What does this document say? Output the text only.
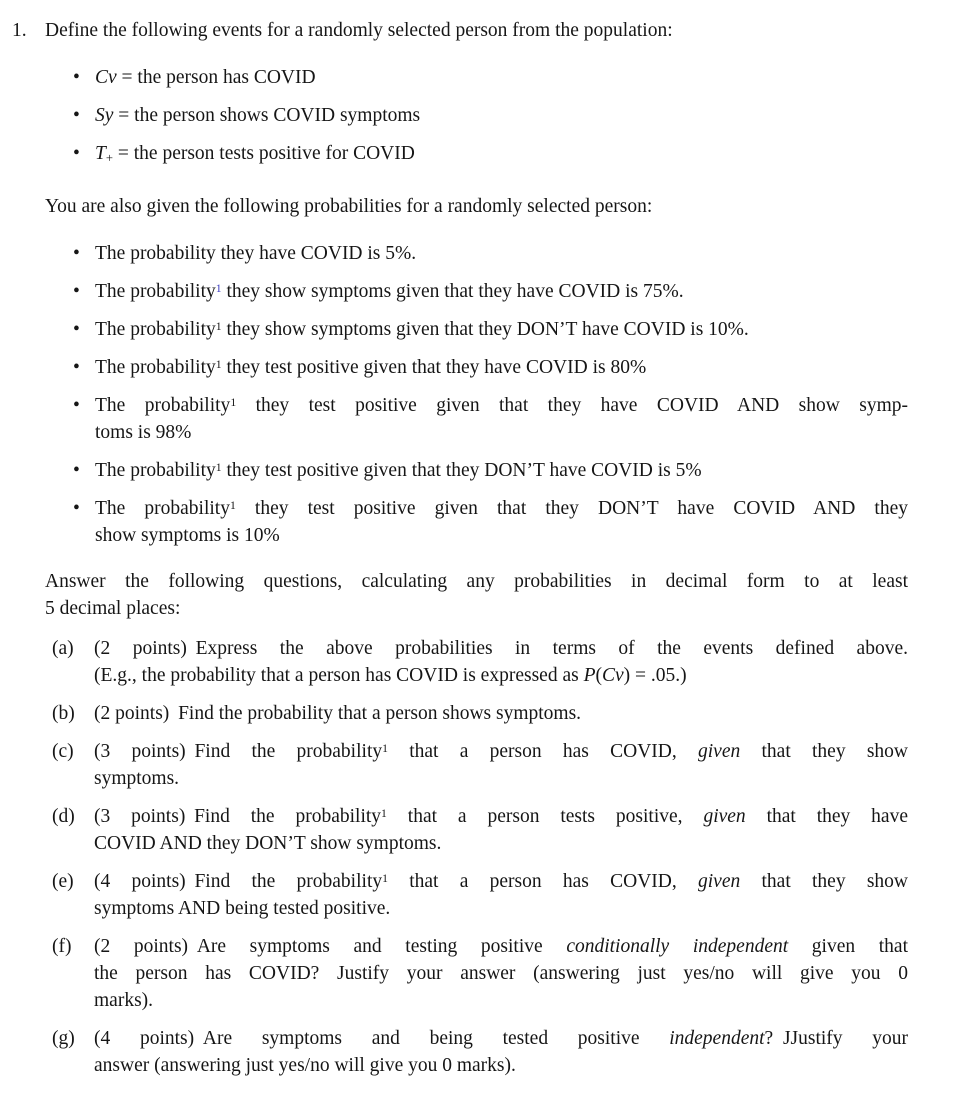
1. Define the following events for a randomly selected person from the population:
• Cv = the person has COVID
• Sy = the person shows COVID symptoms
• T+ = the person tests positive for COVID
You are also given the following probabilities for a randomly selected person:
• The probability they have COVID is 5%.
• The probability$^1$ they show symptoms given that they have COVID is 75%.
• The probability$^1$ they show symptoms given that they DON’T have COVID is 10%.
• The probability$^1$ they test positive given that they have COVID is 80%
• The probability$^1$ they test positive given that they have COVID AND show symp-
toms is 98%
• The probability$^1$ they test positive given that they DON’T have COVID is 5%
• The probability$^1$ they test positive given that they DON’T have COVID AND they
show symptoms is 10%
Answer the following questions, calculating any probabilities in decimal form to at least
5 decimal places:
(a)	(2 points) Express the above probabilities in terms of the events defined above.
(E.g., the probability that a person has COVID is expressed as P(Cv) = .05.)
(b) (2 points) Find the probability that a person shows symptoms.
(c)	(3 points) Find the probability$^1$ that a person has COVID, given that they show
symptoms.
(d) (3 points) Find the probability$^1$ that a person tests positive, given that they have
COVID AND they DON’T show symptoms.
(e)	(4 points) Find the probability$^1$ that a person has COVID, given that they show
symptoms AND being tested positive.
(f)	(2 points) Are symptoms and testing positive conditionally independent given that
the person has COVID? Justify your answer (answering just yes/no will give you 0
marks).
(g) (4 points) Are symptoms and being tested positive independent? JJustify your
answer (answering just yes/no will give you 0 marks).
